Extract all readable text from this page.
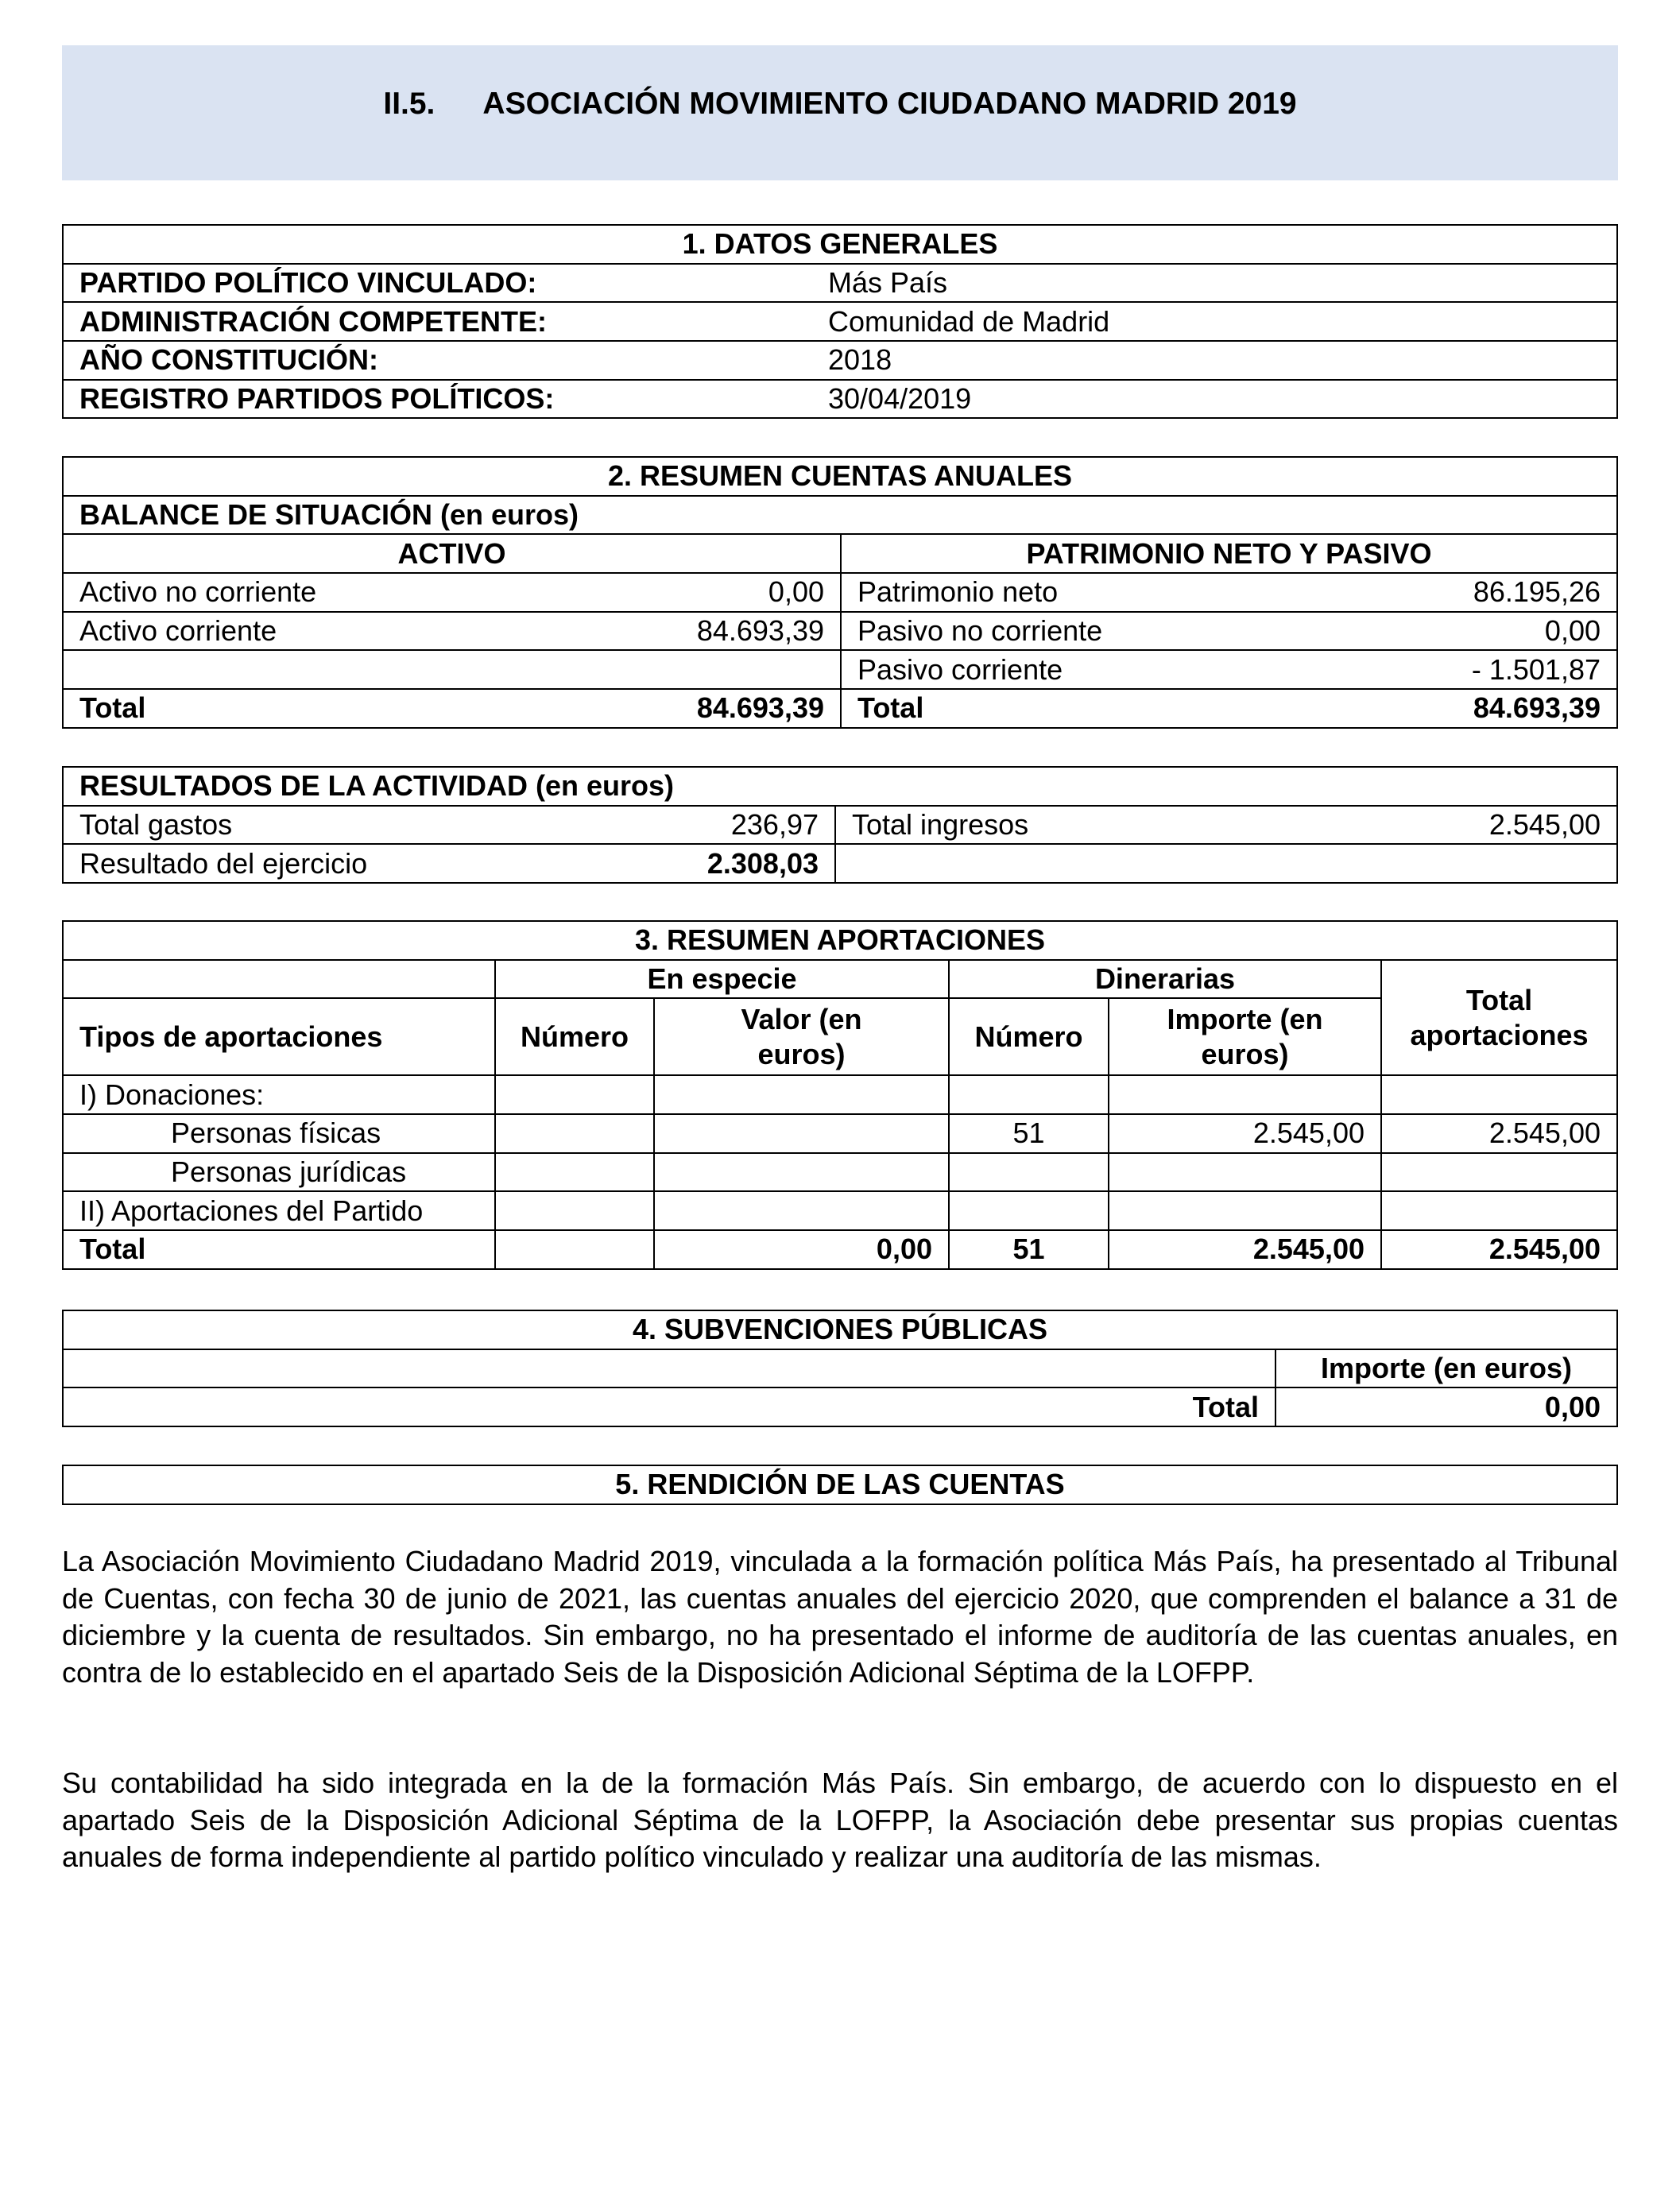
II.5. ASOCIACIÓN MOVIMIENTO CIUDADANO MADRID 2019
1. DATOS GENERALES	
PARTIDO POLÍTICO VINCULADO:	Más País
ADMINISTRACIÓN COMPETENTE:	Comunidad de Madrid
AÑO CONSTITUCIÓN:	2018
REGISTRO PARTIDOS POLÍTICOS:	30/04/2019
2. RESUMEN CUENTAS ANUALES			
BALANCE DE SITUACIÓN (en euros)			
ACTIVO		PATRIMONIO NETO Y PASIVO	
Activo no corriente	0,00	Patrimonio neto	86.195,26
Activo corriente	84.693,39	Pasivo no corriente	0,00
		Pasivo corriente	- 1.501,87
Total	84.693,39	Total	84.693,39
RESULTADOS DE LA ACTIVIDAD (en euros)			
Total gastos	236,97	Total ingresos	2.545,00
Resultado del ejercicio	2.308,03		
3. RESUMEN APORTACIONES					
	En especie		Dinerarias		Total aportaciones
Tipos de aportaciones	Número	Valor (en euros)	Número	Importe (en euros)	
I) Donaciones:					
Personas físicas			51	2.545,00	2.545,00
Personas jurídicas					
II) Aportaciones del Partido					
Total		0,00	51	2.545,00	2.545,00
4. SUBVENCIONES PÚBLICAS	
	Importe (en euros)
Total	0,00
5. RENDICIÓN DE LAS CUENTAS

La Asociación Movimiento Ciudadano Madrid 2019, vinculada a la formación política Más País, ha presentado al Tribunal de Cuentas, con fecha 30 de junio de 2021, las cuentas anuales del ejercicio 2020, que comprenden el balance a 31 de diciembre y la cuenta de resultados. Sin embargo, no ha presentado el informe de auditoría de las cuentas anuales, en contra de lo establecido en el apartado Seis de la Disposición Adicional Séptima de la LOFPP.

Su contabilidad ha sido integrada en la de la formación Más País. Sin embargo, de acuerdo con lo dispuesto en el apartado Seis de la Disposición Adicional Séptima de la LOFPP, la Asociación debe presentar sus propias cuentas anuales de forma independiente al partido político vinculado y realizar una auditoría de las mismas.
